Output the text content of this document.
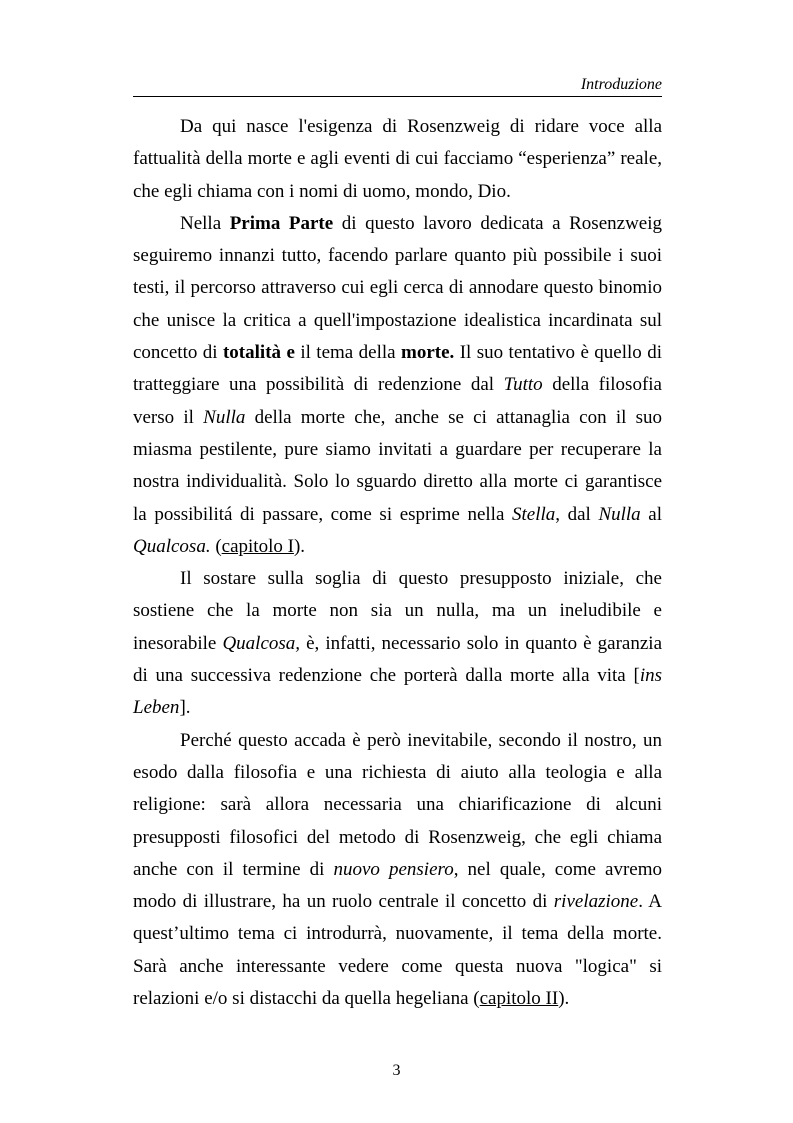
Introduzione

Da qui nasce l'esigenza di Rosenzweig di ridare voce alla fattualità della morte e agli eventi di cui facciamo “esperienza” reale, che egli chiama con i nomi di uomo, mondo, Dio.

Nella Prima Parte di questo lavoro dedicata a Rosenzweig seguiremo innanzi tutto, facendo parlare quanto più possibile i suoi testi, il percorso attraverso cui egli cerca di annodare questo binomio che unisce la critica a quell'impostazione idealistica incardinata sul concetto di totalità e il tema della morte. Il suo tentativo è quello di tratteggiare una possibilità di redenzione dal Tutto della filosofia verso il Nulla della morte che, anche se ci attanaglia con il suo miasma pestilente, pure siamo invitati a guardare per recuperare la nostra individualità. Solo lo sguardo diretto alla morte ci garantisce la possibilitá di passare, come si esprime nella Stella, dal Nulla al Qualcosa. (capitolo I).

Il sostare sulla soglia di questo presupposto iniziale, che sostiene che la morte non sia un nulla, ma un ineludibile e inesorabile Qualcosa, è, infatti, necessario solo in quanto è garanzia di una successiva redenzione che porterà dalla morte alla vita [ins Leben].

Perché questo accada è però inevitabile, secondo il nostro, un esodo dalla filosofia e una richiesta di aiuto alla teologia e alla religione: sarà allora necessaria una chiarificazione di alcuni presupposti filosofici del metodo di Rosenzweig, che egli chiama anche con il termine di nuovo pensiero, nel quale, come avremo modo di illustrare, ha un ruolo centrale il concetto di rivelazione. A quest’ultimo tema ci introdurrà, nuovamente, il tema della morte. Sarà anche interessante vedere come questa nuova "logica" si relazioni e/o si distacchi da quella hegeliana (capitolo II).

3
